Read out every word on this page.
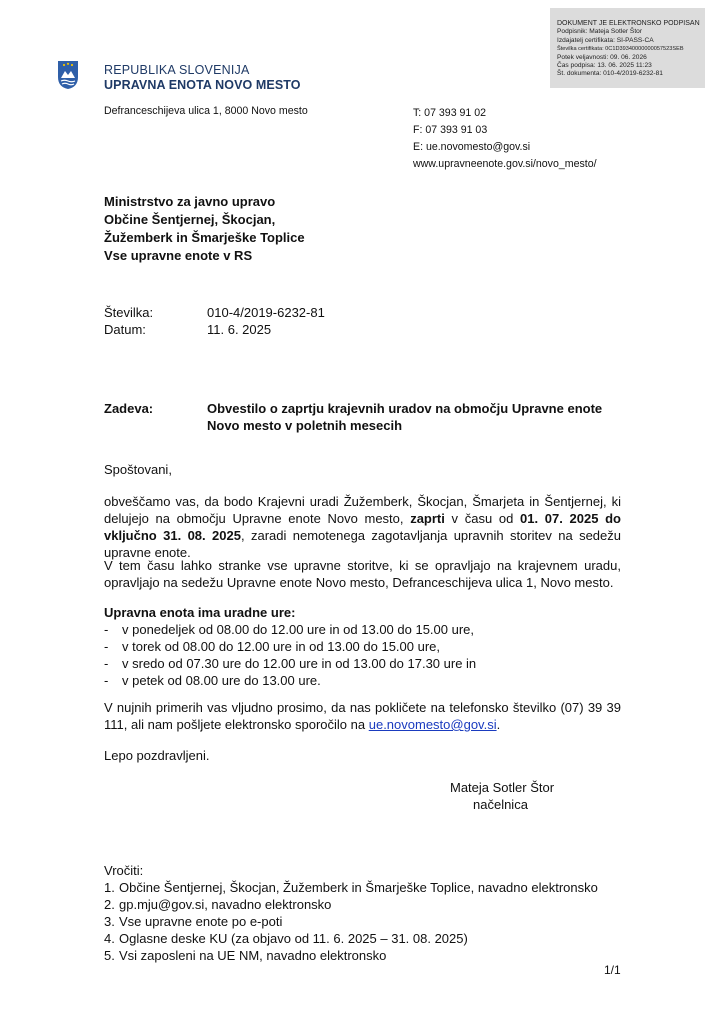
DOKUMENT JE ELEKTRONSKO PODPISAN
Podpisnik: Mateja Sotler Štor
Izdajatelj certifikata: SI-PASS-CA
Številka certifikata: 0C1D39340000000057523SEB
Potek veljavnosti: 09. 06. 2026
Čas podpisa: 13. 06. 2025 11:23
Št. dokumenta: 010-4/2019-6232-81
REPUBLIKA SLOVENIJA
UPRAVNA ENOTA NOVO MESTO
Defranceschijeva ulica 1, 8000 Novo mesto	T: 07 393 91 02
F: 07 393 91 03
E: ue.novomesto@gov.si
www.upravneenote.gov.si/novo_mesto/
Ministrstvo za javno upravo
Občine Šentjernej, Škocjan,
Žužemberk in Šmarješke Toplice
Vse upravne enote v RS
Številka:	010-4/2019-6232-81
Datum:	11. 6. 2025
Zadeva:	Obvestilo o zaprtju krajevnih uradov na območju Upravne enote Novo mesto v poletnih mesecih
Spoštovani,

obveščamo vas, da bodo Krajevni uradi Žužemberk, Škocjan, Šmarjeta in Šentjernej, ki delujejo na območju Upravne enote Novo mesto, zaprti v času od 01. 07. 2025 do vključno 31. 08. 2025, zaradi nemotenega zagotavljanja upravnih storitev na sedežu upravne enote.

V tem času lahko stranke vse upravne storitve, ki se opravljajo na krajevnem uradu, opravljajo na sedežu Upravne enote Novo mesto, Defranceschijeva ulica 1, Novo mesto.
Upravna enota ima uradne ure:
- v ponedeljek od 08.00 do 12.00 ure in od 13.00 do 15.00 ure,
- v torek od 08.00 do 12.00 ure in od 13.00 do 15.00 ure,
- v sredo od 07.30 ure do 12.00 ure in od 13.00 do 17.30 ure in
- v petek od 08.00 ure do 13.00 ure.

V nujnih primerih vas vljudno prosimo, da nas pokličete na telefonsko številko (07) 39 39 111, ali nam pošljete elektronsko sporočilo na ue.novomesto@gov.si.

Lepo pozdravljeni.
Mateja Sotler Štor
načelnica
Vročiti:
1. Občine Šentjernej, Škocjan, Žužemberk in Šmarješke Toplice, navadno elektronsko
2. gp.mju@gov.si, navadno elektronsko
3. Vse upravne enote po e-poti
4. Oglasne deske KU (za objavo od 11. 6. 2025 – 31. 08. 2025)
5. Vsi zaposleni na UE NM, navadno elektronsko
1/1
